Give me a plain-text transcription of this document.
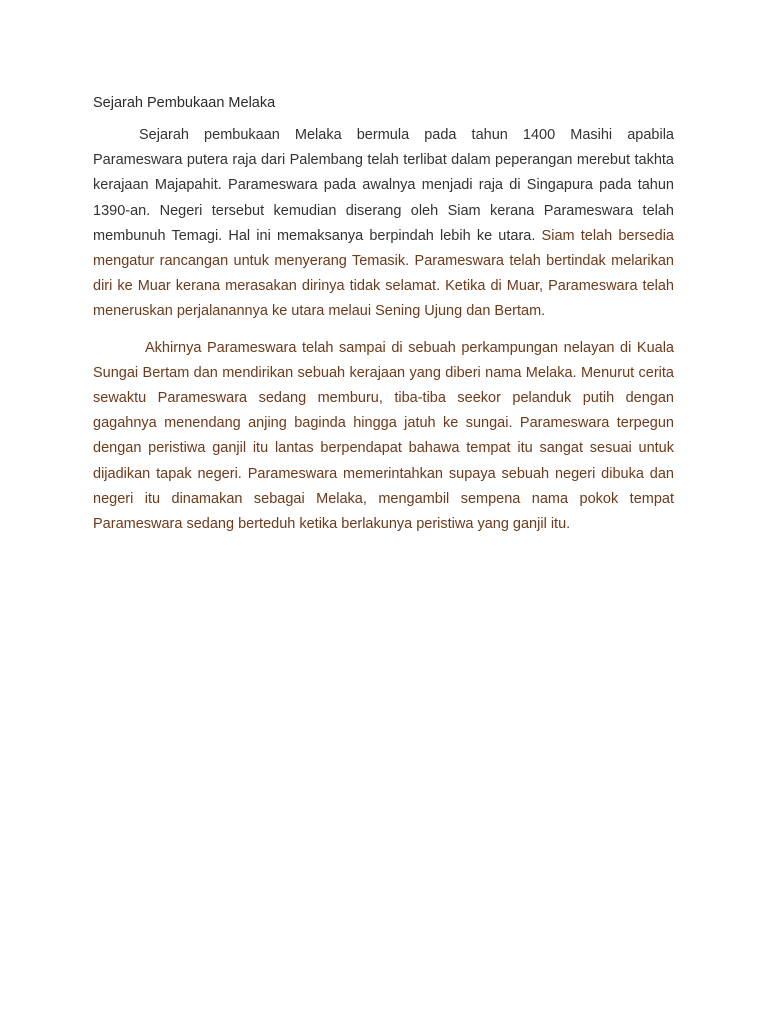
Sejarah Pembukaan Melaka

Sejarah pembukaan Melaka bermula pada tahun 1400 Masihi apabila Parameswara putera raja dari Palembang telah terlibat dalam peperangan merebut takhta kerajaan Majapahit. Parameswara pada awalnya menjadi raja di Singapura pada tahun 1390-an. Negeri tersebut kemudian diserang oleh Siam kerana Parameswara telah membunuh Temagi. Hal ini memaksanya berpindah lebih ke utara. Siam telah bersedia mengatur rancangan untuk menyerang Temasik. Parameswara telah bertindak melarikan diri ke Muar kerana merasakan dirinya tidak selamat. Ketika di Muar, Parameswara telah meneruskan perjalanannya ke utara melaui Sening Ujung dan Bertam.

Akhirnya Parameswara telah sampai di sebuah perkampungan nelayan di Kuala Sungai Bertam dan mendirikan sebuah kerajaan yang diberi nama Melaka. Menurut cerita sewaktu Parameswara sedang memburu, tiba-tiba seekor pelanduk putih dengan gagahnya menendang anjing baginda hingga jatuh ke sungai. Parameswara terpegun dengan peristiwa ganjil itu lantas berpendapat bahawa tempat itu sangat sesuai untuk dijadikan tapak negeri. Parameswara memerintahkan supaya sebuah negeri dibuka dan negeri itu dinamakan sebagai Melaka, mengambil sempena nama pokok tempat Parameswara sedang berteduh ketika berlakunya peristiwa yang ganjil itu.
